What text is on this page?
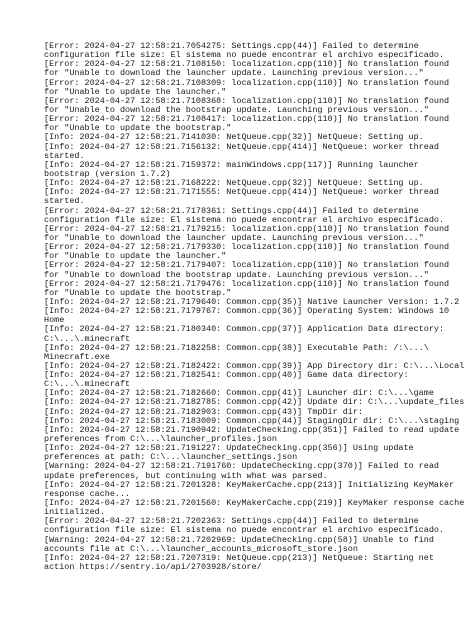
[Error: 2024-04-27 12:58:21.7054275: Settings.cpp(44)] Failed to determine
configuration file size: El sistema no puede encontrar el archivo especificado.
[Error: 2024-04-27 12:58:21.7108150: localization.cpp(110)] No translation found
for "Unable to download the launcher update. Launching previous version..."
[Error: 2024-04-27 12:58:21.7108309: localization.cpp(110)] No translation found
for "Unable to update the launcher."
[Error: 2024-04-27 12:58:21.7108368: localization.cpp(110)] No translation found
for "Unable to download the bootstrap update. Launching previous version..."
[Error: 2024-04-27 12:58:21.7108417: localization.cpp(110)] No translation found
for "Unable to update the bootstrap."
[Info: 2024-04-27 12:58:21.7141030: NetQueue.cpp(32)] NetQueue: Setting up.
[Info: 2024-04-27 12:58:21.7156132: NetQueue.cpp(414)] NetQueue: worker thread
started.
[Info: 2024-04-27 12:58:21.7159372: mainWindows.cpp(117)] Running launcher
bootstrap (version 1.7.2)
[Info: 2024-04-27 12:58:21.7168222: NetQueue.cpp(32)] NetQueue: Setting up.
[Info: 2024-04-27 12:58:21.7171555: NetQueue.cpp(414)] NetQueue: worker thread
started.
[Error: 2024-04-27 12:58:21.7178361: Settings.cpp(44)] Failed to determine
configuration file size: El sistema no puede encontrar el archivo especificado.
[Error: 2024-04-27 12:58:21.7179215: localization.cpp(110)] No translation found
for "Unable to download the launcher update. Launching previous version..."
[Error: 2024-04-27 12:58:21.7179330: localization.cpp(110)] No translation found
for "Unable to update the launcher."
[Error: 2024-04-27 12:58:21.7179407: localization.cpp(110)] No translation found
for "Unable to download the bootstrap update. Launching previous version..."
[Error: 2024-04-27 12:58:21.7179476: localization.cpp(110)] No translation found
for "Unable to update the bootstrap."
[Info: 2024-04-27 12:58:21.7179640: Common.cpp(35)] Native Launcher Version: 1.7.2
[Info: 2024-04-27 12:58:21.7179767: Common.cpp(36)] Operating System: Windows 10
Home
[Info: 2024-04-27 12:58:21.7180340: Common.cpp(37)] Application Data directory:
C:\...\.minecraft
[Info: 2024-04-27 12:58:21.7182258: Common.cpp(38)] Executable Path: /:\...\
Minecraft.exe
[Info: 2024-04-27 12:58:21.7182422: Common.cpp(39)] App Directory dir: C:\...\Local
[Info: 2024-04-27 12:58:21.7182541: Common.cpp(40)] Game data directory:
C:\...\.minecraft
[Info: 2024-04-27 12:58:21.7182660: Common.cpp(41)] Launcher dir: C:\...\game
[Info: 2024-04-27 12:58:21.7182785: Common.cpp(42)] Update dir: C:\...\update_files
[Info: 2024-04-27 12:58:21.7182903: Common.cpp(43)] TmpDir dir:
[Info: 2024-04-27 12:58:21.7183009: Common.cpp(44)] StagingDir dir: C:\...\staging
[Info: 2024-04-27 12:58:21.7190942: UpdateChecking.cpp(351)] Failed to read update
preferences from C:\...\launcher_profiles.json
[Info: 2024-04-27 12:58:21.7191227: UpdateChecking.cpp(356)] Using update
preferences at path: C:\...\launcher_settings.json
[Warning: 2024-04-27 12:58:21.7191760: UpdateChecking.cpp(370)] Failed to read
update preferences, but continuing with what was parsed.
[Info: 2024-04-27 12:58:21.7201328: KeyMakerCache.cpp(213)] Initializing KeyMaker
response cache...
[Info: 2024-04-27 12:58:21.7201560: KeyMakerCache.cpp(219)] KeyMaker response cache
initialized.
[Error: 2024-04-27 12:58:21.7202363: Settings.cpp(44)] Failed to determine
configuration file size: El sistema no puede encontrar el archivo especificado.
[Warning: 2024-04-27 12:58:21.7202969: UpdateChecking.cpp(58)] Unable to find
accounts file at C:\...\launcher_accounts_microsoft_store.json
[Info: 2024-04-27 12:58:21.7207319: NetQueue.cpp(213)] NetQueue: Starting net
action https://sentry.io/api/2703928/store/
